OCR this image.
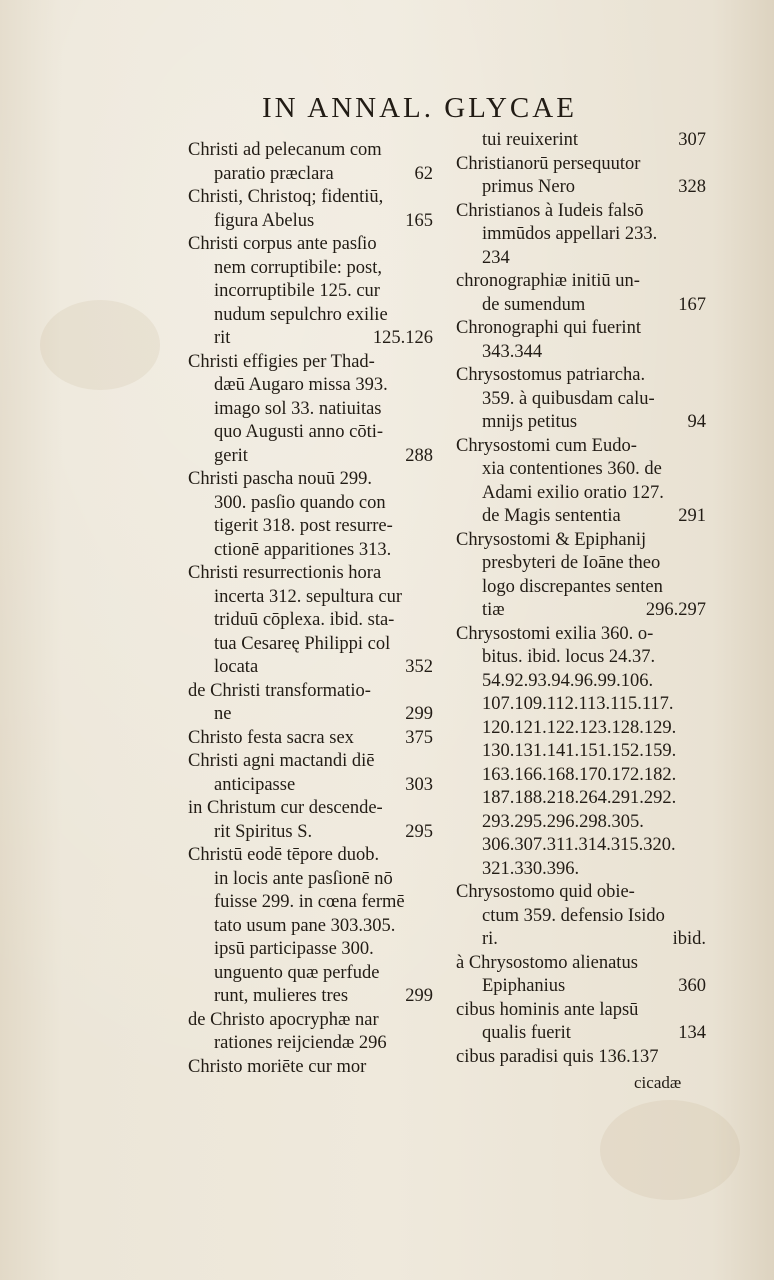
IN ANNAL. GLYCAE
Christi ad pelecanum com
paratio præclara	62
Christi, Christoq; fidentiū,
figura Abelus	165
Christi corpus ante pasſio
nem corruptibile: post,
incorruptibile 125. cur
nudum sepulchro exilie
rit	125.126
Christi effigies per Thad-
dæū Augaro missa 393.
imago sol 33. natiuitas
quo Augusti anno cōti-
gerit	288
Christi pascha nouū 299.
300. pasſio quando con
tigerit 318. post resurre-
ctionē apparitiones 313.
Christi resurrectionis hora
incerta 312. sepultura cur
triduū cōplexa. ibid. sta-
tua Cesareę Philippi col
locata	352
de Christi transformatio-
ne	299
Christo festa sacra sex	375
Christi agni mactandi diē
anticipasse	303
in Christum cur descende-
rit Spiritus S.	295
Christū eodē tēpore duob.
in locis ante pasſionē nō
fuisse 299. in cœna fermē
tato usum pane 303.305.
ipsū participasse 300.
unguento quæ perfude
runt, mulieres tres	299
de Christo apocryphæ nar
rationes reijciendæ 296
Christo moriēte cur mor
tui reuixerint	307
Christianorū persequutor
primus Nero	328
Christianos à Iudeis falsō
immūdos appellari 233.
234
chronographiæ initiū un-
de sumendum	167
Chronographi qui fuerint
343.344
Chrysostomus patriarcha.
359. à quibusdam calu-
mnijs petitus	94
Chrysostomi cum Eudo-
xia contentiones 360. de
Adami exilio oratio 127.
de Magis sententia	291
Chrysostomi & Epiphanij
presbyteri de Ioāne theo
logo discrepantes senten
tiæ	296.297
Chrysostomi exilia 360. o-
bitus. ibid. locus 24.37.
54.92.93.94.96.99.106.
107.109.112.113.115.117.
120.121.122.123.128.129.
130.131.141.151.152.159.
163.166.168.170.172.182.
187.188.218.264.291.292.
293.295.296.298.305.
306.307.311.314.315.320.
321.330.396.
Chrysostomo quid obie-
ctum 359. defensio Isido
ri.	ibid.
à Chrysostomo alienatus
Epiphanius	360
cibus hominis ante lapsū
qualis fuerit	134
cibus paradisi quis 136.137
cicadæ
